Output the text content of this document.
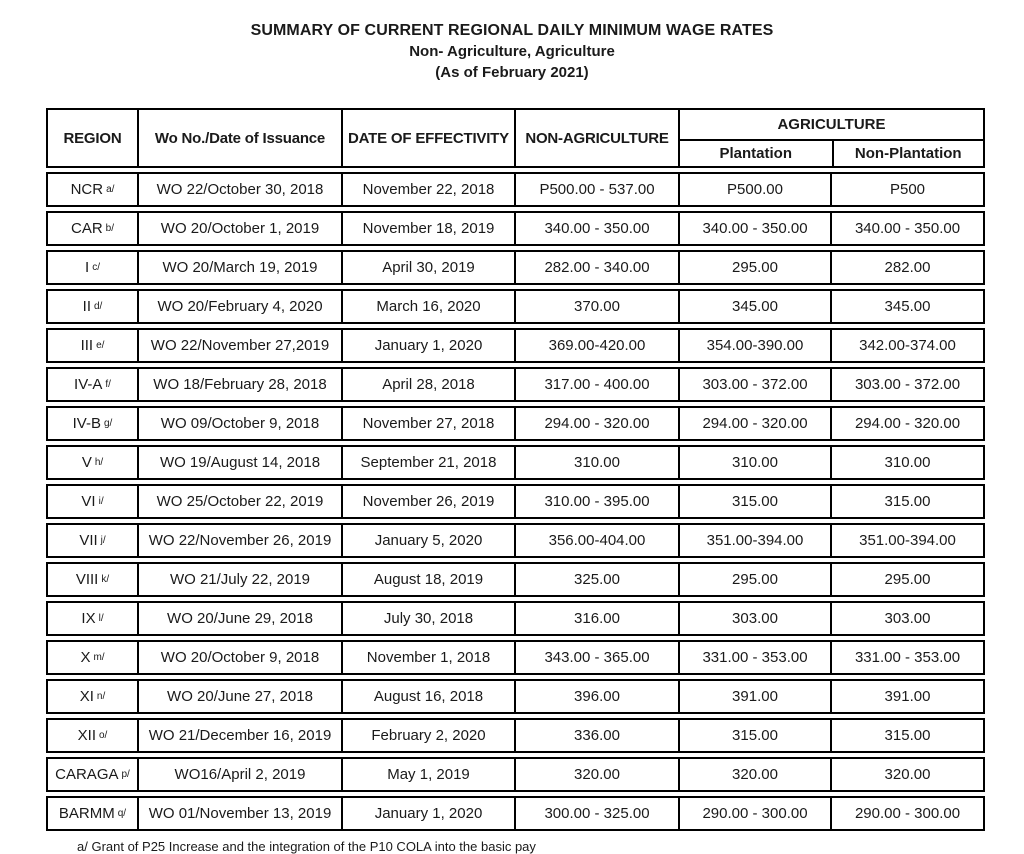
SUMMARY OF CURRENT REGIONAL DAILY MINIMUM WAGE RATES
Non- Agriculture, Agriculture
(As of February 2021)
REGION	Wo No./Date of Issuance	DATE OF EFFECTIVITY	NON-AGRICULTURE
AGRICULTURE
Plantation	Non-Plantation
NCR a/	WO 22/October 30, 2018	November 22, 2018	P500.00 - 537.00	P500.00	P500
CAR b/	WO 20/October 1, 2019	November 18, 2019	340.00 - 350.00	340.00 - 350.00	340.00 - 350.00
I c/	WO 20/March 19, 2019	April 30, 2019	282.00 - 340.00	295.00	282.00
II d/	WO 20/February 4, 2020	March 16, 2020	370.00	345.00	345.00
III e/	WO 22/November 27,2019	January 1, 2020	369.00-420.00	354.00-390.00	342.00-374.00
IV-A f/	WO 18/February 28, 2018	April 28, 2018	317.00 - 400.00	303.00 - 372.00	303.00 - 372.00
IV-B g/	WO 09/October 9, 2018	November 27, 2018	294.00 - 320.00	294.00 - 320.00	294.00 - 320.00
V h/	WO 19/August 14, 2018	September 21, 2018	310.00	310.00	310.00
VI i/	WO 25/October 22, 2019	November 26, 2019	310.00 - 395.00	315.00	315.00
VII j/	WO 22/November 26, 2019	January 5, 2020	356.00-404.00	351.00-394.00	351.00-394.00
VIII k/	WO 21/July 22, 2019	August 18, 2019	325.00	295.00	295.00
IX l/	WO 20/June 29, 2018	July 30, 2018	316.00	303.00	303.00
X m/	WO 20/October 9, 2018	November 1, 2018	343.00 - 365.00	331.00 - 353.00	331.00 - 353.00
XI n/	WO 20/June 27, 2018	August 16, 2018	396.00	391.00	391.00
XII o/	WO 21/December 16, 2019	February 2, 2020	336.00	315.00	315.00
CARAGA p/	WO16/April 2, 2019	May 1, 2019	320.00	320.00	320.00
BARMM q/	WO 01/November 13, 2019	January 1, 2020	300.00 - 325.00	290.00 - 300.00	290.00 - 300.00
a/ Grant of P25 Increase and the integration of the P10 COLA into the basic pay
